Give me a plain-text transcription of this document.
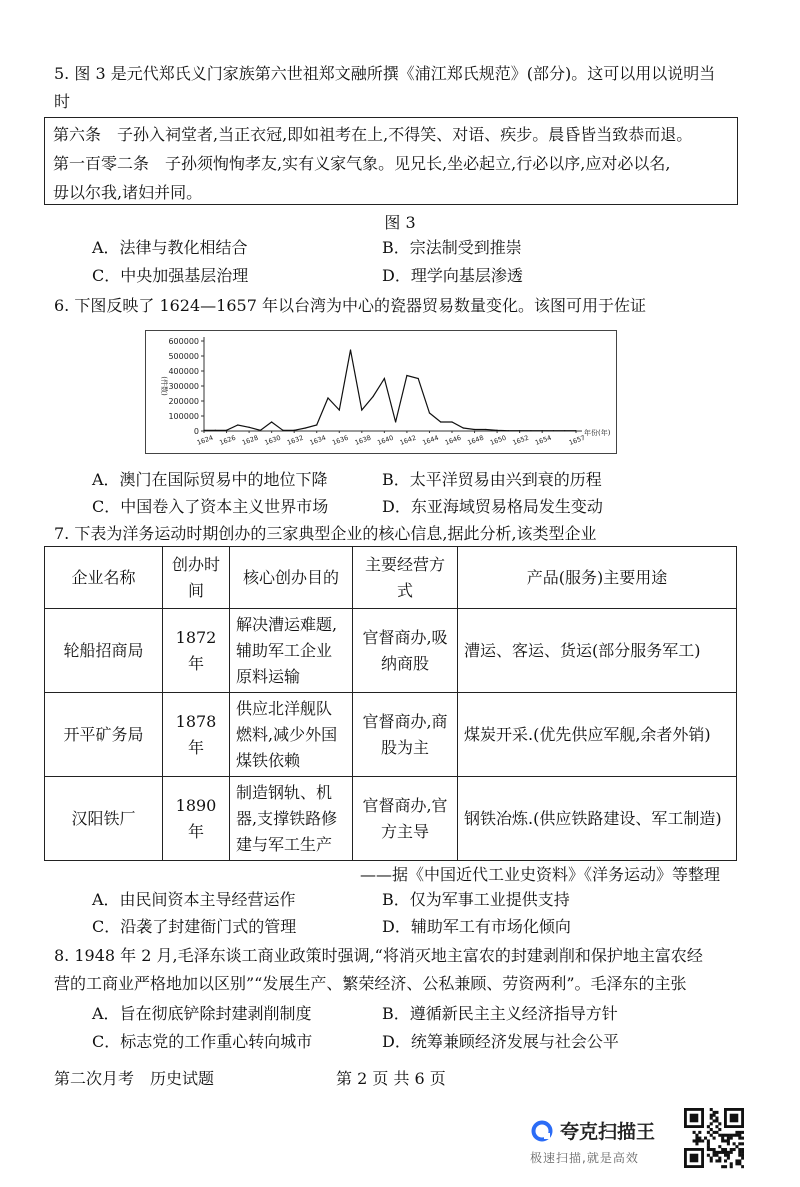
5. 图 3 是元代郑氏义门家族第六世祖郑文融所撰《浦江郑氏规范》(部分)。这可以用以说明当
时
第六条　子孙入祠堂者,当正衣冠,即如祖考在上,不得笑、对语、疾步。晨昏皆当致恭而退。
第一百零二条　子孙须恂恂孝友,实有义家气象。见兄长,坐必起立,行必以序,应对必以名,
毋以尔我,诸妇并同。
图 3
A．法律与教化相结合	B．宗法制受到推崇
C．中央加强基层治理	D．理学向基层渗透
6. 下图反映了 1624—1657 年以台湾为中心的瓷器贸易数量变化。该图可用于佐证
0
100000
200000
300000
400000
500000
600000
(件数)
1624 1626 1628 1630 1632 1634 1636 1638 1640 1642 1644 1646 1648 1650 1652 1654 1657
年份(年)
A．澳门在国际贸易中的地位下降	B．太平洋贸易由兴到衰的历程
C．中国卷入了资本主义世界市场	D．东亚海域贸易格局发生变动
7. 下表为洋务运动时期创办的三家典型企业的核心信息,据此分析,该类型企业
企业名称	创办时间	核心创办目的	主要经营方式	产品(服务)主要用途
轮船招商局	1872 年	解决漕运难题,辅助军工企业原料运输	官督商办,吸纳商股	漕运、客运、货运(部分服务军工)
开平矿务局	1878 年	供应北洋舰队燃料,减少外国煤铁依赖	官督商办,商股为主	煤炭开采.(优先供应军舰,余者外销)
汉阳铁厂	1890 年	制造钢轨、机器,支撑铁路修建与军工生产	官督商办,官方主导	钢铁冶炼.(供应铁路建设、军工制造)
——据《中国近代工业史资料》《洋务运动》等整理
A．由民间资本主导经营运作	B．仅为军事工业提供支持
C．沿袭了封建衙门式的管理	D．辅助军工有市场化倾向
8. 1948 年 2 月,毛泽东谈工商业政策时强调,“将消灭地主富农的封建剥削和保护地主富农经
营的工商业严格地加以区别”“发展生产、繁荣经济、公私兼顾、劳资两利”。毛泽东的主张
A．旨在彻底铲除封建剥削制度	B．遵循新民主主义经济指导方针
C．标志党的工作重心转向城市	D．统筹兼顾经济发展与社会公平
第二次月考　历史试题	第 2 页 共 6 页
夸克扫描王
极速扫描,就是高效
